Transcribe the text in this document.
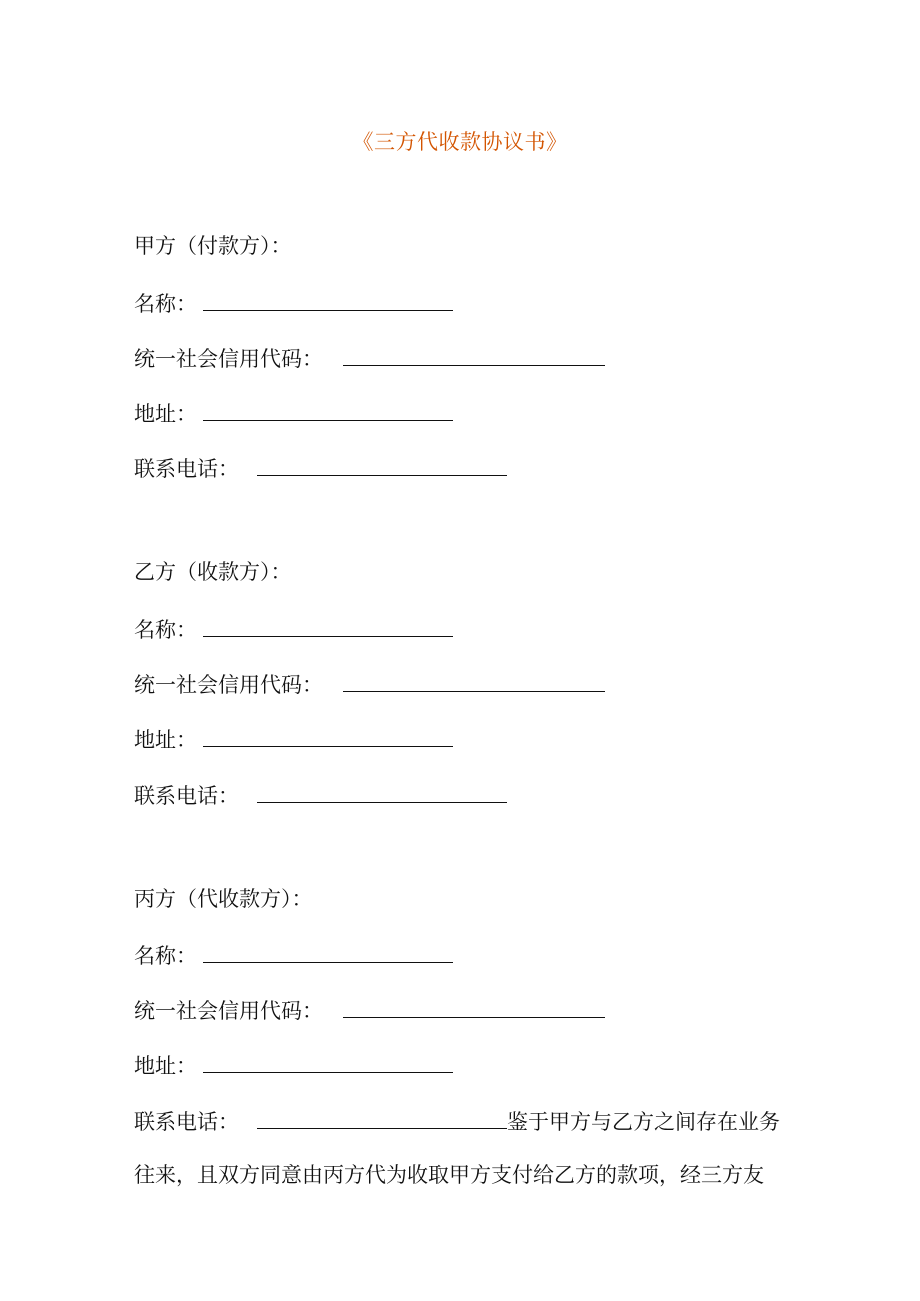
《三方代收款协议书》
甲方（付款方）：
名称：
统一社会信用代码：
地址：
联系电话：
乙方（收款方）：
名称：
统一社会信用代码：
地址：
联系电话：
丙方（代收款方）：
名称：
统一社会信用代码：
地址：
联系电话：	鉴于甲方与乙方之间存在业务
往来，且双方同意由丙方代为收取甲方支付给乙方的款项，经三方友
